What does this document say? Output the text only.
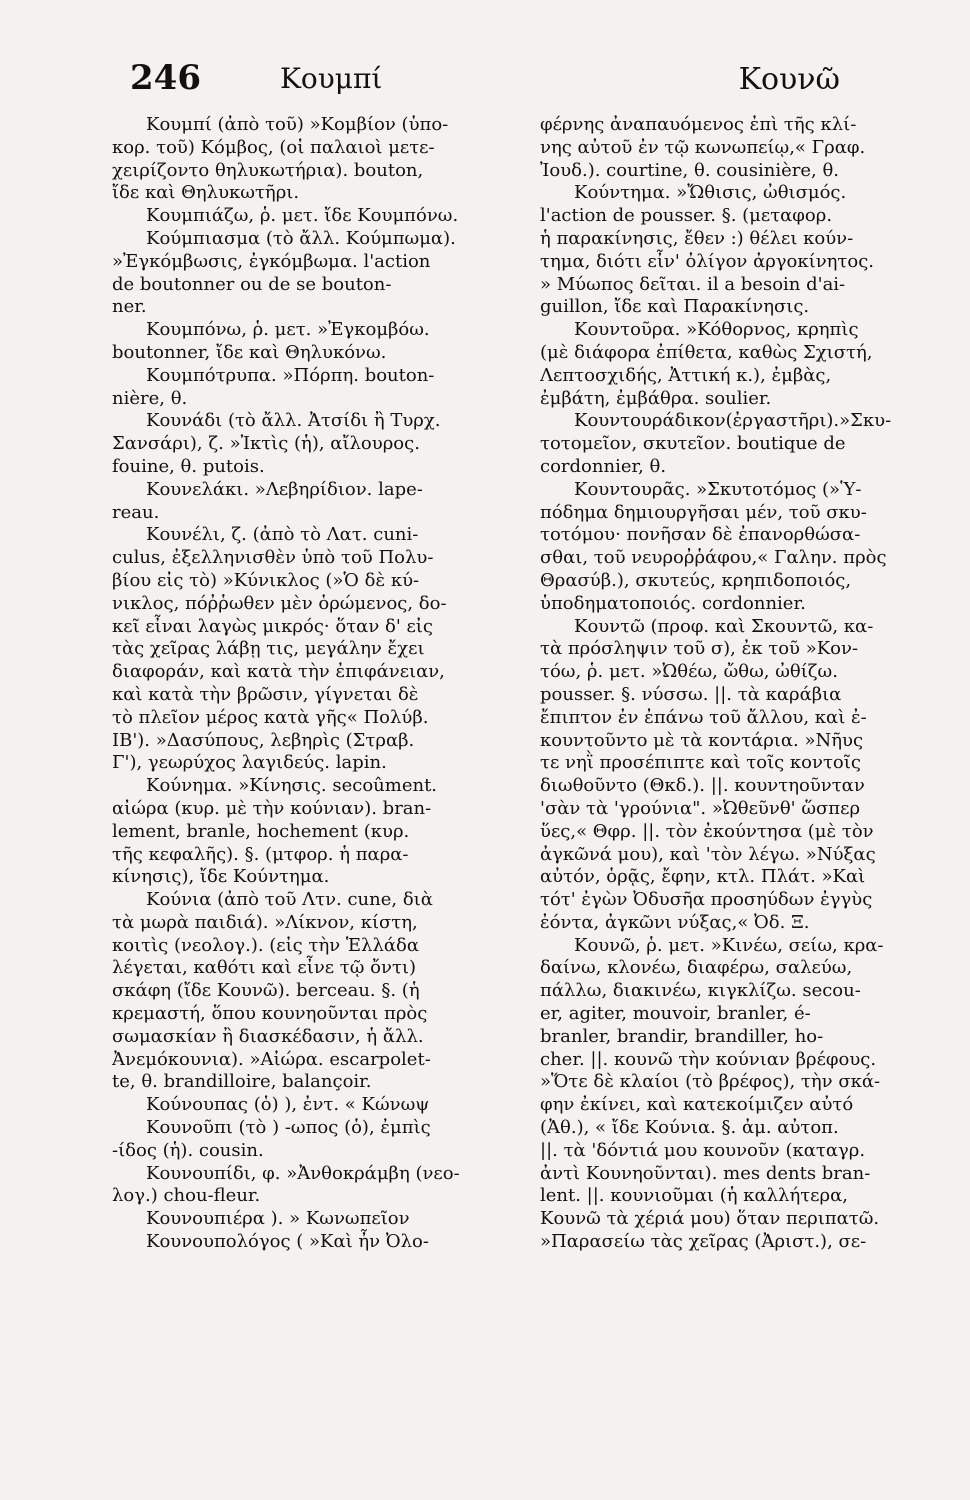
246	Κουμπί	Κουνῶ
Κουμπί (ἀπὸ τοῦ) »Κομβίον (ὑπο-
κορ. τοῦ) Κόμβος, (οἱ παλαιοὶ μετε-
χειρίζοντο θηλυκωτήρια). bouton,
ἴδε καὶ Θηλυκωτῆρι.
Κουμπιάζω, ῥ. μετ. ἴδε Κουμπόνω.
Κούμπιασμα (τὸ ἄλλ. Κούμπωμα).
»Ἐγκόμβωσις, ἐγκόμβωμα. l'action
de boutonner ou de se bouton-
ner.
Κουμπόνω, ῥ. μετ. »Ἐγκομβόω.
boutonner, ἴδε καὶ Θηλυκόνω.
Κουμπότρυπα. »Πόρπη. bouton-
nière, θ.
Κουνάδι (τὸ ἄλλ. Ἀτσίδι ἢ Τυρχ.
Σανσάρι), ζ. »Ἰκτὶς (ἡ), αἴλουρος.
fouine, θ. putois.
Κουνελάκι. »Λεβηρίδιον. lape-
reau.
Κουνέλι, ζ. (ἀπὸ τὸ Λατ. cuni-
culus, ἐξελληνισθὲν ὑπὸ τοῦ Πολυ-
βίου εἰς τὸ) »Κύνικλος (»Ὁ δὲ κύ-
νικλος, πόῤῥωθεν μὲν ὁρώμενος, δο-
κεῖ εἶναι λαγὼς μικρός· ὅταν δ' εἰς
τὰς χεῖρας λάβῃ τις, μεγάλην ἔχει
διαφοράν, καὶ κατὰ τὴν ἐπιφάνειαν,
καὶ κατὰ τὴν βρῶσιν, γίγνεται δὲ
τὸ πλεῖον μέρος κατὰ γῆς« Πολύβ.
ΙΒ'). »Δασύπους, λεβηρὶς (Στραβ.
Γ'), γεωρύχος λαγιδεύς. lapin.
Κούνημα. »Κίνησις. secoûment.
αἰώρα (κυρ. μὲ τὴν κούνιαν). bran-
lement, branle, hochement (κυρ.
τῆς κεφαλῆς). §. (μτφορ. ἡ παρα-
κίνησις), ἴδε Κούντημα.
Κούνια (ἀπὸ τοῦ Λτν. cune, διὰ
τὰ μωρὰ παιδιά). »Λίκνον, κίστη,
κοιτὶς (νεολογ.). (εἰς τὴν Ἑλλάδα
λέγεται, καθότι καὶ εἶνε τῷ ὄντι)
σκάφη (ἴδε Κουνῶ). berceau. §. (ἡ
κρεμαστή, ὅπου κουνηοῦνται πρὸς
σωμασκίαν ἢ διασκέδασιν, ἡ ἄλλ.
Ἀνεμόκουνια). »Αἰώρα. escarpolet-
te, θ. brandilloire, balançoir.
Κούνουπας (ὁ) ), ἐντ. « Κώνωψ
Κουνοῦπι (τὸ ) -ωπος (ὁ), ἐμπὶς
-ίδος (ἡ). cousin.
Κουνουπίδι, φ. »Ἀνθοκράμβη (νεο-
λογ.) chou-fleur.
Κουνουπιέρα ). » Κωνωπεῖον
Κουνουπολόγος ( »Καὶ ἦν Ὀλο-
φέρνης ἀναπαυόμενος ἐπὶ τῆς κλί-
νης αὐτοῦ ἐν τῷ κωνωπείῳ,« Γραφ.
Ἰουδ.). courtine, θ. cousinière, θ.
Κούντημα. »Ὤθισις, ὠθισμός.
l'action de pousser. §. (μεταφορ.
ἡ παρακίνησις, ἔθεν :) θέλει κούν-
τημα, διότι εἶν' ὀλίγον ἀργοκίνητος.
» Μύωπος δεῖται. il a besoin d'ai-
guillon, ἴδε καὶ Παρακίνησις.
Κουντοῦρα. »Κόθορνος, κρηπὶς
(μὲ διάφορα ἐπίθετα, καθὼς Σχιστή,
Λεπτοσχιδής, Ἀττική κ.), ἐμβὰς,
ἐμβάτη, ἐμβάθρα. soulier.
Κουντουράδικον(ἐργαστῆρι).»Σκυ-
τοτομεῖον, σκυτεῖον. boutique de
cordonnier, θ.
Κουντουρᾶς. »Σκυτοτόμος (»Ὑ-
πόδημα δημιουργῆσαι μέν, τοῦ σκυ-
τοτόμου· πονῆσαν δὲ ἐπανορθώσα-
σθαι, τοῦ νευροῤῥάφου,« Γαλην. πρὸς
Θρασύβ.), σκυτεύς, κρηπιδοποιός,
ὑποδηματοποιός. cordonnier.
Κουντῶ (προφ. καὶ Σκουντῶ, κα-
τὰ πρόσληψιν τοῦ σ), ἐκ τοῦ »Κον-
τόω, ῥ. μετ. »Ὠθέω, ὤθω, ὠθίζω.
pousser. §. νύσσω. ||. τὰ καράβια
ἔπιπτον ἐν ἐπάνω τοῦ ἄλλου, καὶ ἐ-
κουντοῦντο μὲ τὰ κοντάρια. »Νῆυς
τε νηῒ προσέπιπτε καὶ τοῖς κοντοῖς
διωθοῦντο (Θκδ.). ||. κουντηοῦνταν
'σὰν τὰ 'γρούνια". »Ὠθεῦνθ' ὥσπερ
ὕες,« Θφρ. ||. τὸν ἐκούντησα (μὲ τὸν
ἀγκῶνά μου), καὶ 'τὸν λέγω. »Νύξας
αὐτόν, ὁρᾷς, ἔφην, κτλ. Πλάτ. »Καὶ
τότ' ἐγὼν Ὀδυσῆα προσηύδων ἐγγὺς
ἐόντα, ἀγκῶνι νύξας,« Ὀδ. Ξ.
Κουνῶ, ῥ. μετ. »Κινέω, σείω, κρα-
δαίνω, κλονέω, διαφέρω, σαλεύω,
πάλλω, διακινέω, κιγκλίζω. secou-
er, agiter, mouvoir, branler, é-
branler, brandir, brandiller, ho-
cher. ||. κουνῶ τὴν κούνιαν βρέφους.
»Ὅτε δὲ κλαίοι (τὸ βρέφος), τὴν σκά-
φην ἐκίνει, καὶ κατεκοίμιζεν αὐτό
(Ἀθ.), « ἴδε Κούνια. §. ἀμ. αὐτοπ.
||. τὰ 'δόντιά μου κουνοῦν (καταγρ.
ἀντὶ Κουνηοῦνται). mes dents bran-
lent. ||. κουνιοῦμαι (ἡ καλλήτερα,
Κουνῶ τὰ χέριά μου) ὅταν περιπατῶ.
»Παρασείω τὰς χεῖρας (Ἀριστ.), σε-
